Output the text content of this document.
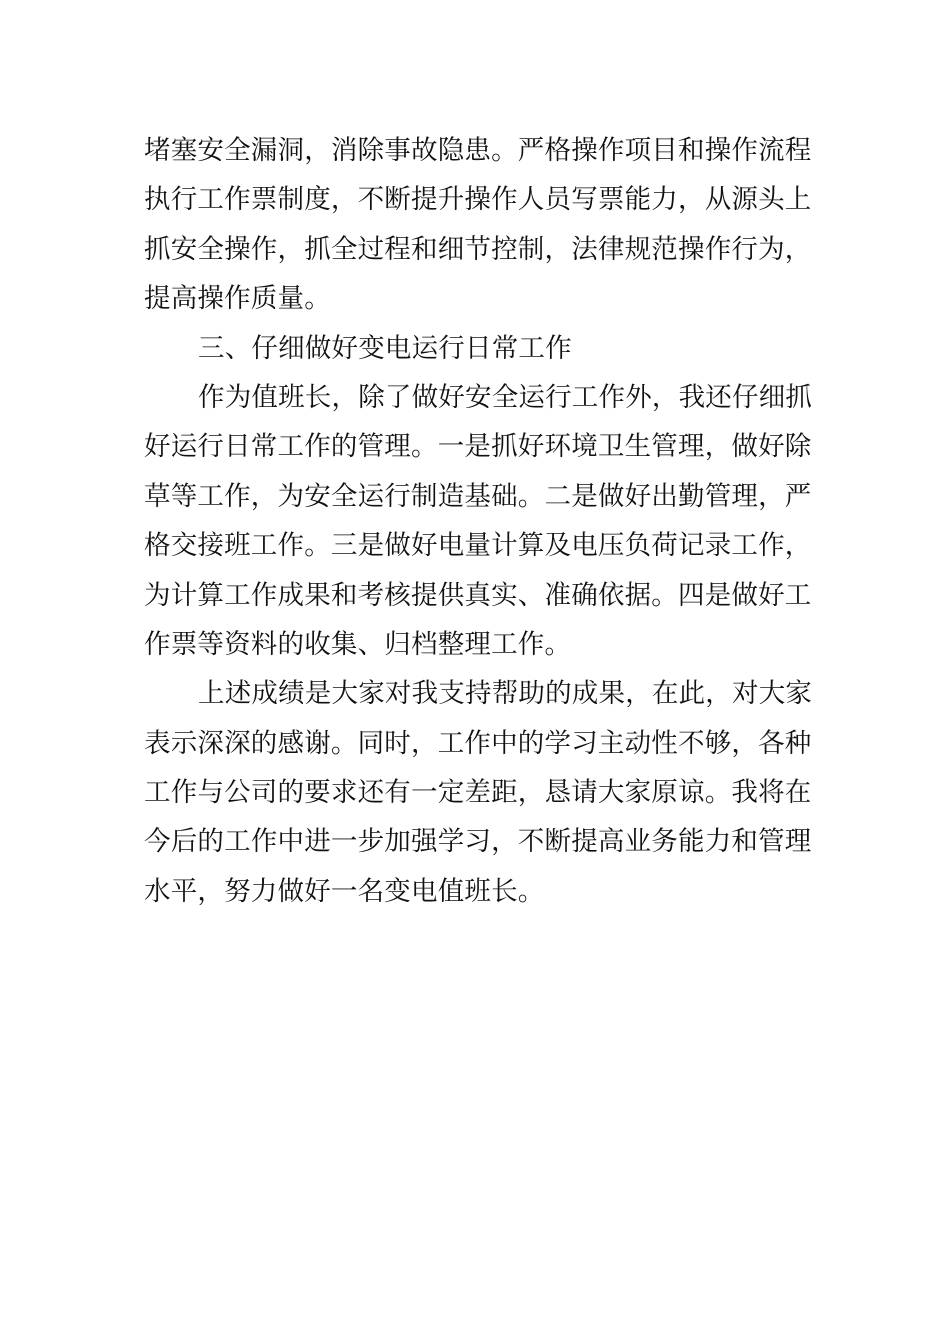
堵塞安全漏洞，消除事故隐患。严格操作项目和操作流程
执行工作票制度，不断提升操作人员写票能力，从源头上
抓安全操作，抓全过程和细节控制，法律规范操作行为，
提高操作质量。
三、仔细做好变电运行日常工作
作为值班长，除了做好安全运行工作外，我还仔细抓
好运行日常工作的管理。一是抓好环境卫生管理，做好除
草等工作，为安全运行制造基础。二是做好出勤管理，严
格交接班工作。三是做好电量计算及电压负荷记录工作，
为计算工作成果和考核提供真实、准确依据。四是做好工
作票等资料的收集、归档整理工作。
上述成绩是大家对我支持帮助的成果，在此，对大家
表示深深的感谢。同时，工作中的学习主动性不够，各种
工作与公司的要求还有一定差距，恳请大家原谅。我将在
今后的工作中进一步加强学习，不断提高业务能力和管理
水平，努力做好一名变电值班长。
